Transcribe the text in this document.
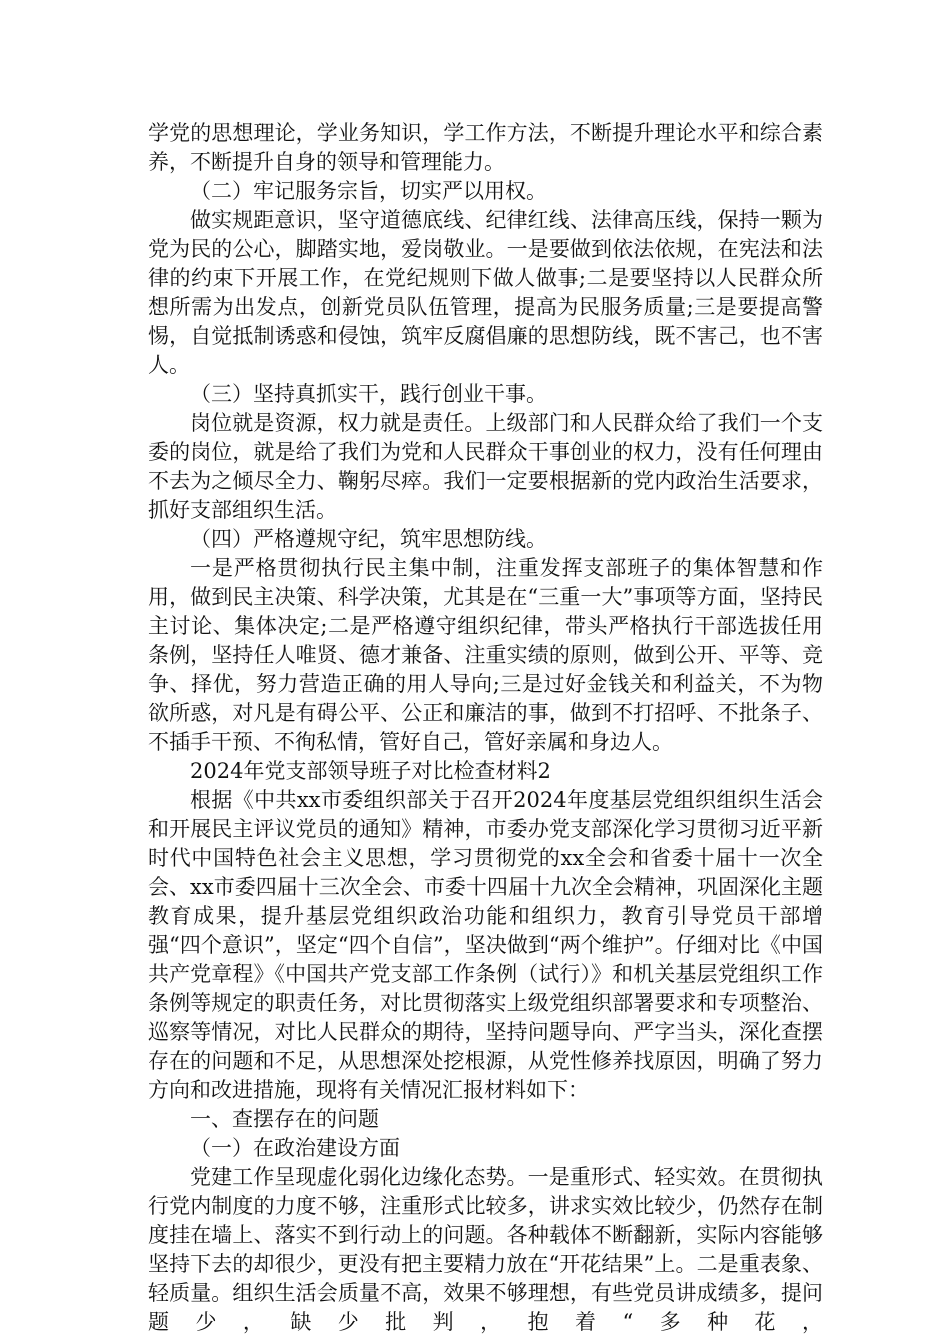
学党的思想理论，学业务知识，学工作方法，不断提升理论水平和综合素养，不断提升自身的领导和管理能力。

（二）牢记服务宗旨，切实严以用权。

做实规距意识，坚守道德底线、纪律红线、法律高压线，保持一颗为党为民的公心，脚踏实地，爱岗敬业。一是要做到依法依规，在宪法和法律的约束下开展工作，在党纪规则下做人做事;二是要坚持以人民群众所想所需为出发点，创新党员队伍管理，提高为民服务质量;三是要提高警惕，自觉抵制诱惑和侵蚀，筑牢反腐倡廉的思想防线，既不害己，也不害人。

（三）坚持真抓实干，践行创业干事。

岗位就是资源，权力就是责任。上级部门和人民群众给了我们一个支委的岗位，就是给了我们为党和人民群众干事创业的权力，没有任何理由不去为之倾尽全力、鞠躬尽瘁。我们一定要根据新的党内政治生活要求，抓好支部组织生活。

（四）严格遵规守纪，筑牢思想防线。

一是严格贯彻执行民主集中制，注重发挥支部班子的集体智慧和作用，做到民主决策、科学决策，尤其是在“三重一大”事项等方面，坚持民主讨论、集体决定;二是严格遵守组织纪律，带头严格执行干部选拔任用条例，坚持任人唯贤、德才兼备、注重实绩的原则，做到公开、平等、竞争、择优，努力营造正确的用人导向;三是过好金钱关和利益关，不为物欲所惑，对凡是有碍公平、公正和廉洁的事，做到不打招呼、不批条子、不插手干预、不徇私情，管好自己，管好亲属和身边人。

2024年党支部领导班子对比检查材料2

根据《中共xx市委组织部关于召开2024年度基层党组织组织生活会和开展民主评议党员的通知》精神，市委办党支部深化学习贯彻习近平新时代中国特色社会主义思想，学习贯彻党的xx全会和省委十届十一次全会、xx市委四届十三次全会、市委十四届十九次全会精神，巩固深化主题教育成果，提升基层党组织政治功能和组织力，教育引导党员干部增强“四个意识”，坚定“四个自信”，坚决做到“两个维护”。仔细对比《中国共产党章程》《中国共产党支部工作条例（试行）》和机关基层党组织工作条例等规定的职责任务，对比贯彻落实上级党组织部署要求和专项整治、巡察等情况，对比人民群众的期待，坚持问题导向、严字当头，深化查摆存在的问题和不足，从思想深处挖根源，从党性修养找原因，明确了努力方向和改进措施，现将有关情况汇报材料如下：

一、查摆存在的问题

（一）在政治建设方面

党建工作呈现虚化弱化边缘化态势。一是重形式、轻实效。在贯彻执行党内制度的力度不够，注重形式比较多，讲求实效比较少，仍然存在制度挂在墙上、落实不到行动上的问题。各种载体不断翻新，实际内容能够坚持下去的却很少，更没有把主要精力放在“开花结果”上。二是重表象、轻质量。组织生活会质量不高，效果不够理想，有些党员讲成绩多，提问题少，缺少批判，抱着“多种花，
